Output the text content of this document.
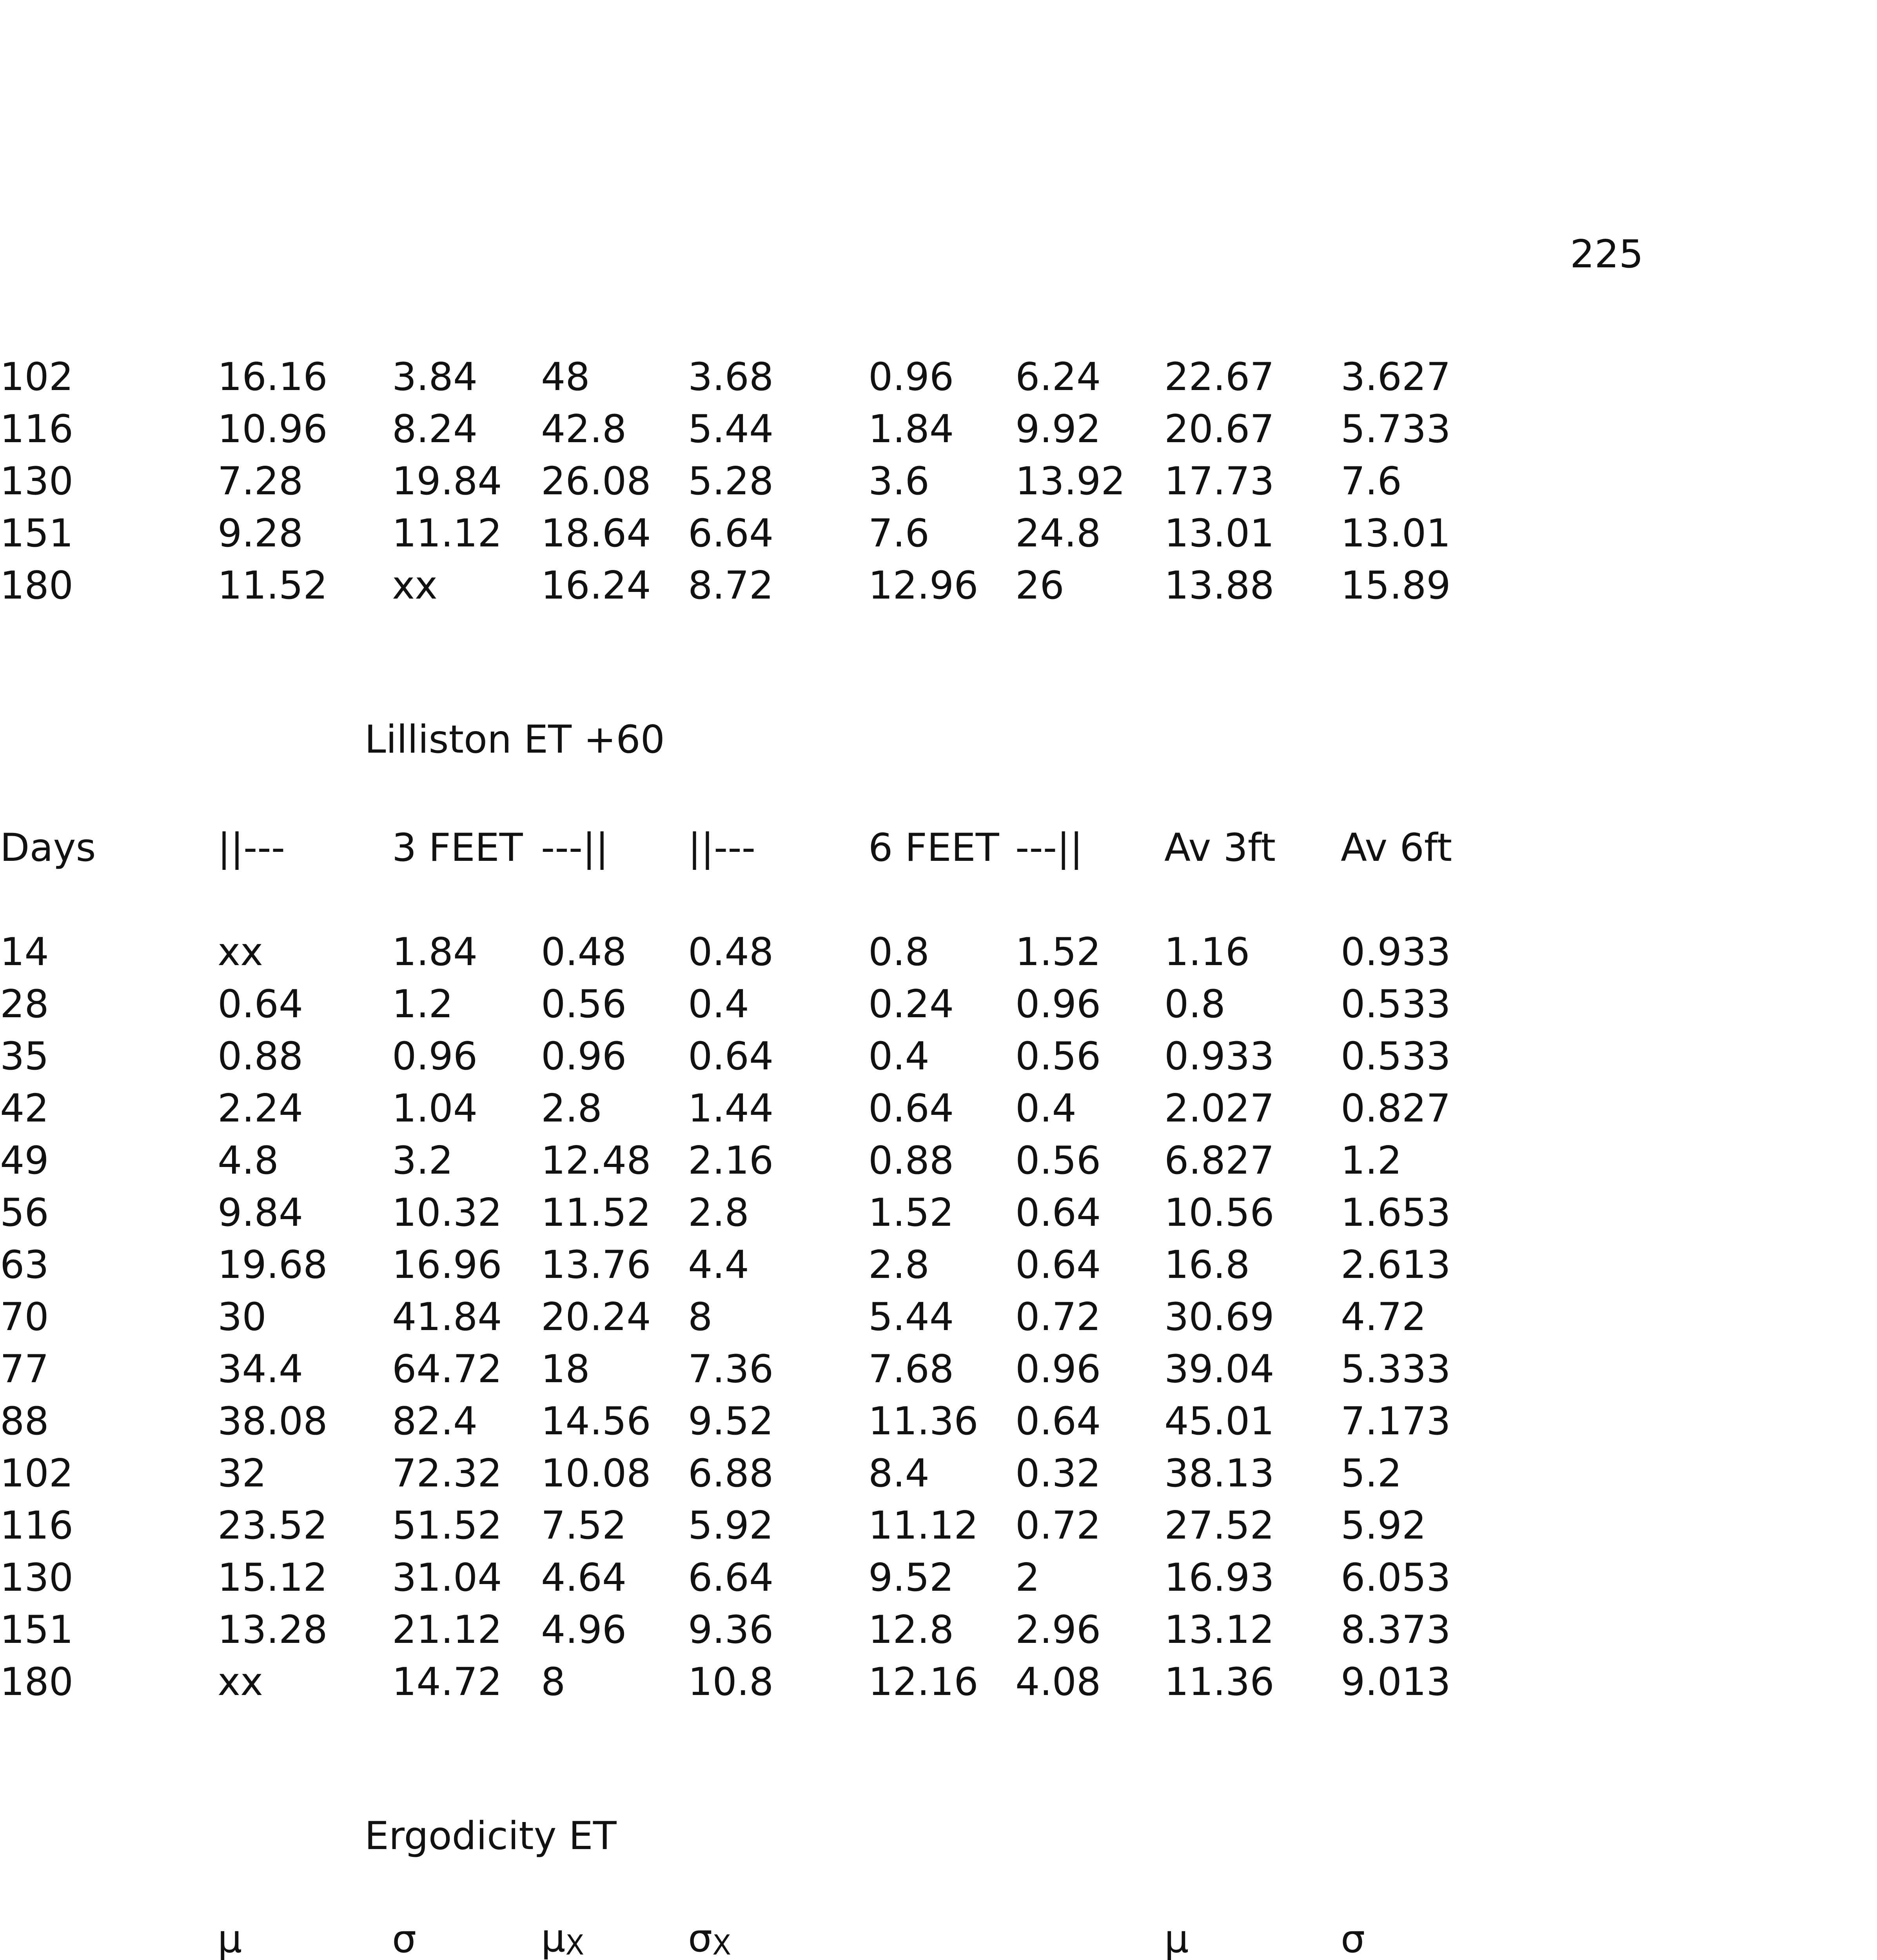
225
102	16.16	3.84	48	3.68	0.96	6.24	22.67	3.627
116	10.96	8.24	42.8	5.44	1.84	9.92	20.67	5.733
130	7.28	19.84	26.08	5.28	3.6	13.92	17.73	7.6
151	9.28	11.12	18.64	6.64	7.6	24.8	13.01	13.01
180	11.52	xx	16.24	8.72	12.96	26	13.88	15.89
Lilliston ET +60
Days	||---	3 FEET	---||	||---	6 FEET	---||	Av 3ft	Av 6ft

14	xx	1.84	0.48	0.48	0.8	1.52	1.16	0.933
28	0.64	1.2	0.56	0.4	0.24	0.96	0.8	0.533
35	0.88	0.96	0.96	0.64	0.4	0.56	0.933	0.533
42	2.24	1.04	2.8	1.44	0.64	0.4	2.027	0.827
49	4.8	3.2	12.48	2.16	0.88	0.56	6.827	1.2
56	9.84	10.32	11.52	2.8	1.52	0.64	10.56	1.653
63	19.68	16.96	13.76	4.4	2.8	0.64	16.8	2.613
70	30	41.84	20.24	8	5.44	0.72	30.69	4.72
77	34.4	64.72	18	7.36	7.68	0.96	39.04	5.333
88	38.08	82.4	14.56	9.52	11.36	0.64	45.01	7.173
102	32	72.32	10.08	6.88	8.4	0.32	38.13	5.2
116	23.52	51.52	7.52	5.92	11.12	0.72	27.52	5.92
130	15.12	31.04	4.64	6.64	9.52	2	16.93	6.053
151	13.28	21.12	4.96	9.36	12.8	2.96	13.12	8.373
180	xx	14.72	8	10.8	12.16	4.08	11.36	9.013
Ergodicity ET
	μ	σ	$\mu_X$	$\sigma_X$		μ	σ
